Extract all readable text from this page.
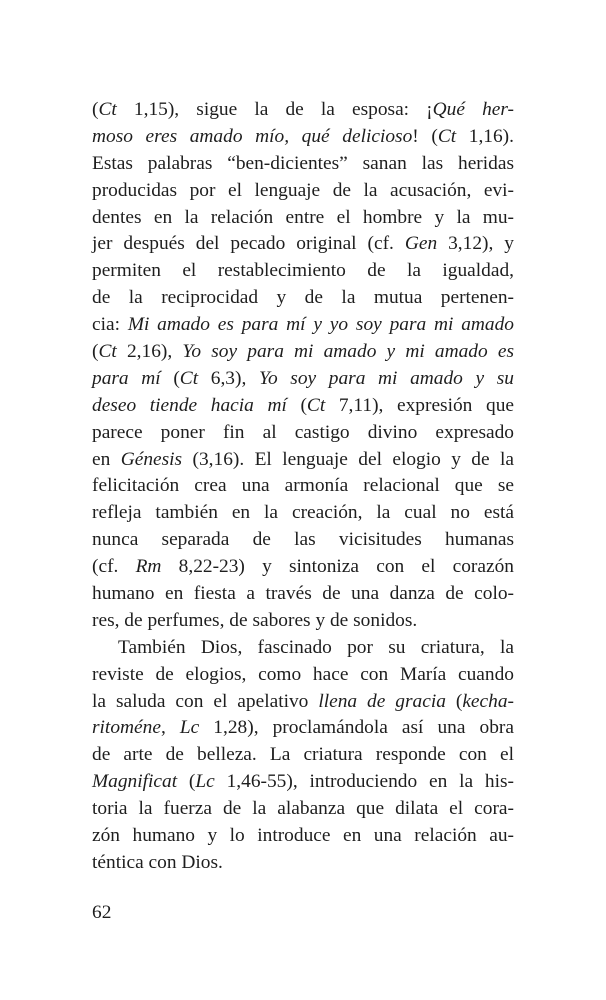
(Ct 1,15), sigue la de la esposa: ¡Qué her-
moso eres amado mío, qué delicioso! (Ct 1,16).
Estas palabras “ben-dicientes” sanan las heridas
producidas por el lenguaje de la acusación, evi-
dentes en la relación entre el hombre y la mu-
jer después del pecado original (cf. Gen 3,12), y
permiten el restablecimiento de la igualdad,
de la reciprocidad y de la mutua pertenen-
cia: Mi amado es para mí y yo soy para mi amado
(Ct 2,16), Yo soy para mi amado y mi amado es
para mí (Ct 6,3), Yo soy para mi amado y su
deseo tiende hacia mí (Ct 7,11), expresión que
parece poner fin al castigo divino expresado
en Génesis (3,16). El lenguaje del elogio y de la
felicitación crea una armonía relacional que se
refleja también en la creación, la cual no está
nunca separada de las vicisitudes humanas
(cf. Rm 8,22-23) y sintoniza con el corazón
humano en fiesta a través de una danza de colo-
res, de perfumes, de sabores y de sonidos.
También Dios, fascinado por su criatura, la
reviste de elogios, como hace con María cuando
la saluda con el apelativo llena de gracia (kecha-
ritoméne, Lc 1,28), proclamándola así una obra
de arte de belleza. La criatura responde con el
Magnificat (Lc 1,46-55), introduciendo en la his-
toria la fuerza de la alabanza que dilata el cora-
zón humano y lo introduce en una relación au-
téntica con Dios.
62
